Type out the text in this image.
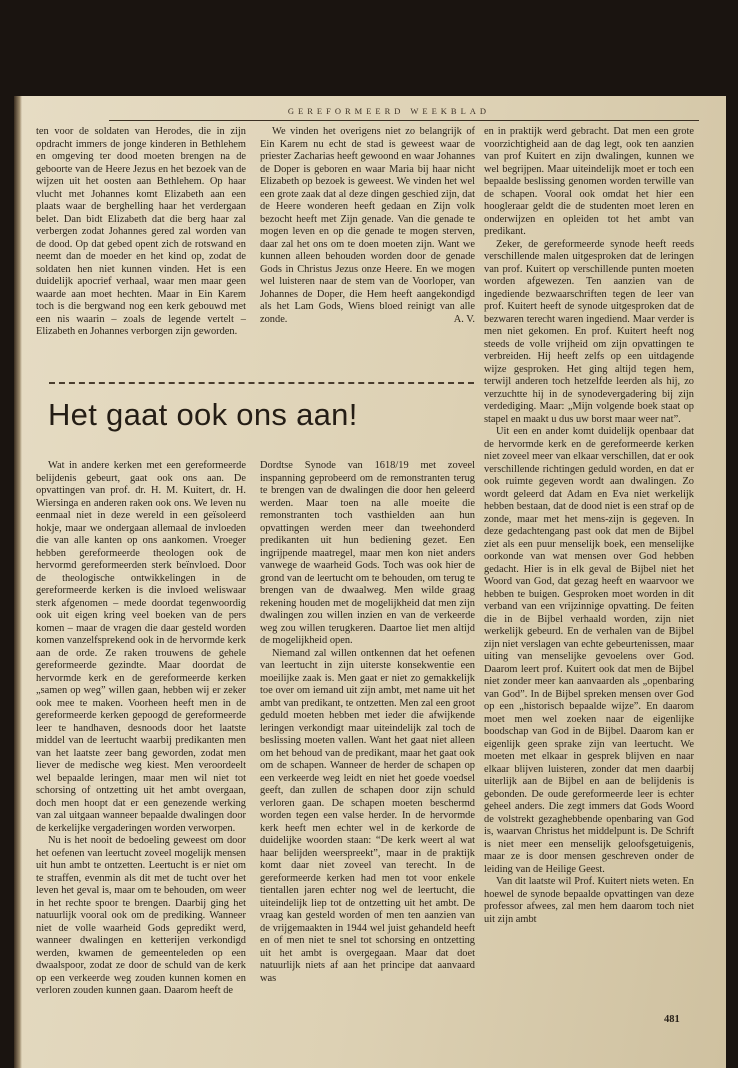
GEREFORMEERD WEEKBLAD

ten voor de soldaten van Herodes, die in zijn opdracht immers de jonge kinderen in Bethlehem en omgeving ter dood moeten brengen na de geboorte van de Heere Jezus en het bezoek van de wijzen uit het oosten aan Bethlehem. Op haar vlucht met Johannes komt Elizabeth aan een plaats waar de berghelling haar het verdergaan belet. Dan bidt Elizabeth dat die berg haar zal verbergen zodat Johannes gered zal worden van de dood. Op dat gebed opent zich de rotswand en neemt dan de moeder en het kind op, zodat de soldaten hen niet kunnen vinden. Het is een duidelijk apocrief verhaal, waar men maar geen waarde aan moet hechten. Maar in Ein Karem toch is die bergwand nog een kerk gebouwd met een nis waarin – zoals de legende vertelt – Elizabeth en Johannes verborgen zijn geworden.

We vinden het overigens niet zo belangrijk of Ein Karem nu echt de stad is geweest waar de priester Zacharias heeft gewoond en waar Johannes de Doper is geboren en waar Maria bij haar nicht Elizabeth op bezoek is geweest. We vinden het wel een grote zaak dat al deze dingen geschied zijn, dat de Heere wonderen heeft gedaan en Zijn volk bezocht heeft met Zijn genade. Van die genade te mogen leven en op die genade te mogen sterven, daar zal het ons om te doen moeten zijn. Want we kunnen alleen behouden worden door de genade Gods in Christus Jezus onze Heere. En we mogen wel luisteren naar de stem van de Voorloper, van Johannes de Doper, die Hem heeft aangekondigd als het Lam Gods, Wiens bloed reinigt van alle zonde.	A. V.

Het gaat ook ons aan!

Wat in andere kerken met een gereformeerde belijdenis gebeurt, gaat ook ons aan. De opvattingen van prof. dr. H. M. Kuitert, dr. H. Wiersinga en anderen raken ook ons. We leven nu eenmaal niet in deze wereld in een geïsoleerd hokje, maar we ondergaan allemaal de invloeden die van alle kanten op ons aankomen. Vroeger hebben gereformeerde theologen ook de hervormd gereformeerden sterk beïnvloed. Door de theologische ontwikkelingen in de gereformeerde kerken is die invloed weliswaar sterk afgenomen – mede doordat tegenwoordig ook uit eigen kring veel boeken van de pers komen – maar de vragen die daar gesteld worden komen vanzelfsprekend ook in de hervormde kerk aan de orde. Ze raken trouwens de gehele gereformeerde gezindte. Maar doordat de hervormde kerk en de gereformeerde kerken „samen op weg” willen gaan, hebben wij er zeker ook mee te maken. Voorheen heeft men in de gereformeerde kerken gepoogd de gereformeerde leer te handhaven, desnoods door het laatste middel van de leertucht waarbij predikanten men van het laatste zeer bang geworden, zodat men liever de medische weg kiest. Men veroordeelt wel bepaalde leringen, maar men wil niet tot schorsing of ontzetting uit het ambt overgaan, doch men hoopt dat er een genezende werking van zal uitgaan wanneer bepaalde dwalingen door de kerkelijke vergaderingen worden verworpen.

Nu is het nooit de bedoeling geweest om door het oefenen van leertucht zoveel mogelijk mensen uit hun ambt te ontzetten. Leertucht is er niet om te straffen, evenmin als dit met de tucht over het leven het geval is, maar om te behouden, om weer in het rechte spoor te brengen. Daarbij ging het natuurlijk vooral ook om de prediking. Wanneer niet de volle waarheid Gods gepredikt werd, wanneer dwalingen en ketterijen verkondigd werden, kwamen de gemeenteleden op een dwaalspoor, zodat ze door de schuld van de kerk op een verkeerde weg zouden kunnen komen en verloren zouden kunnen gaan. Daarom heeft de

Dordtse Synode van 1618/19 met zoveel inspanning geprobeerd om de remonstranten terug te brengen van de dwalingen die door hen geleerd werden. Maar toen na alle moeite die remonstranten toch vasthielden aan hun opvattingen werden meer dan tweehonderd predikanten uit hun bediening gezet. Een ingrijpende maatregel, maar men kon niet anders vanwege de waarheid Gods. Toch was ook hier de grond van de leertucht om te behouden, om terug te brengen van de dwaalweg. Men wilde graag rekening houden met de mogelijkheid dat men zijn dwalingen zou willen inzien en van de verkeerde weg zou willen terugkeren. Daartoe liet men altijd de mogelijkheid open.

Niemand zal willen ontkennen dat het oefenen van leertucht in zijn uiterste konsekwentie een moeilijke zaak is. Men gaat er niet zo gemakkelijk toe over om iemand uit zijn ambt, met name uit het ambt van predikant, te ontzetten. Men zal een groot geduld moeten hebben met ieder die afwijkende leringen verkondigt maar uiteindelijk zal toch de beslissing moeten vallen. Want het gaat niet alleen om het behoud van de predikant, maar het gaat ook om de schapen. Wanneer de herder de schapen op een verkeerde weg leidt en niet het goede voedsel geeft, dan zullen de schapen door zijn schuld verloren gaan. De schapen moeten beschermd worden tegen een valse herder. In de hervormde kerk heeft men echter wel in de kerkorde de duidelijke woorden staan: “De kerk weert al wat haar belijden weerspreekt”, maar in de praktijk komt daar niet zoveel van terecht. In de gereformeerde kerken had men tot voor enkele tientallen jaren echter nog wel de leertucht, die uiteindelijk liep tot de ontzetting uit het ambt. De vraag kan gesteld worden of men ten aanzien van de vrijgemaakten in 1944 wel juist gehandeld heeft en of men niet te snel tot schorsing en ontzetting uit het ambt is overgegaan. Maar dat doet natuurlijk niets af aan het principe dat aanvaard was

en in praktijk werd gebracht. Dat men een grote voorzichtigheid aan de dag legt, ook ten aanzien van prof Kuitert en zijn dwalingen, kunnen we wel begrijpen. Maar uiteindelijk moet er toch een bepaalde beslissing genomen worden terwille van de schapen. Vooral ook omdat het hier een hoogleraar geldt die de studenten moet leren en onderwijzen en opleiden tot het ambt van predikant.

Zeker, de gereformeerde synode heeft reeds verschillende malen uitgesproken dat de leringen van prof. Kuitert op verschillende punten moeten worden afgewezen. Ten aanzien van de ingediende bezwaarschriften tegen de leer van prof. Kuitert heeft de synode uitgesproken dat de bezwaren terecht waren ingediend. Maar verder is men niet gekomen. En prof. Kuitert heeft nog steeds de volle vrijheid om zijn opvattingen te verbreiden. Hij heeft zelfs op een uitdagende wijze gesproken. Het ging altijd tegen hem, terwijl anderen toch hetzelfde leerden als hij, zo verzuchtte hij in de synodevergadering bij zijn verdediging. Maar: „Mijn volgende boek staat op stapel en maakt u dus uw borst maar weer nat”.

Uit een en ander komt duidelijk openbaar dat de hervormde kerk en de gereformeerde kerken niet zoveel meer van elkaar verschillen, dat er ook verschillende richtingen geduld worden, en dat er ook ruimte gegeven wordt aan dwalingen. Zo wordt geleerd dat Adam en Eva niet werkelijk hebben bestaan, dat de dood niet is een straf op de zonde, maar met het mens-zijn is gegeven. In deze gedachtengang past ook dat men de Bijbel ziet als een puur menselijk boek, een menselijke oorkonde van wat mensen over God hebben gedacht. Hier is in elk geval de Bijbel niet het Woord van God, dat gezag heeft en waarvoor we hebben te buigen. Gesproken moet worden in dit verband van een vrijzinnige opvatting. De feiten die in de Bijbel verhaald worden, zijn niet werkelijk gebeurd. En de verhalen van de Bijbel zijn niet verslagen van echte gebeurtenissen, maar uiting van menselijke gevoelens over God. Daarom leert prof. Kuitert ook dat men de Bijbel niet zonder meer kan aanvaarden als „openbaring van God”. In de Bijbel spreken mensen over God op een „historisch bepaalde wijze”. En daarom moet men wel zoeken naar de eigenlijke boodschap van God in de Bijbel. Daarom kan er eigenlijk geen sprake zijn van leertucht. We moeten met elkaar in gesprek blijven en naar elkaar blijven luisteren, zonder dat men daarbij uiterlijk aan de Bijbel en aan de belijdenis is gebonden. De oude gereformeerde leer is echter geheel anders. Die zegt immers dat Gods Woord de volstrekt gezaghebbende openbaring van God is, waarvan Christus het middelpunt is. De Schrift is niet meer een menselijk geloofsgetuigenis, maar ze is door mensen geschreven onder de leiding van de Heilige Geest.

Van dit laatste wil Prof. Kuitert niets weten. En hoewel de synode bepaalde opvattingen van deze professor afwees, zal men hem daarom toch niet uit zijn ambt

481
